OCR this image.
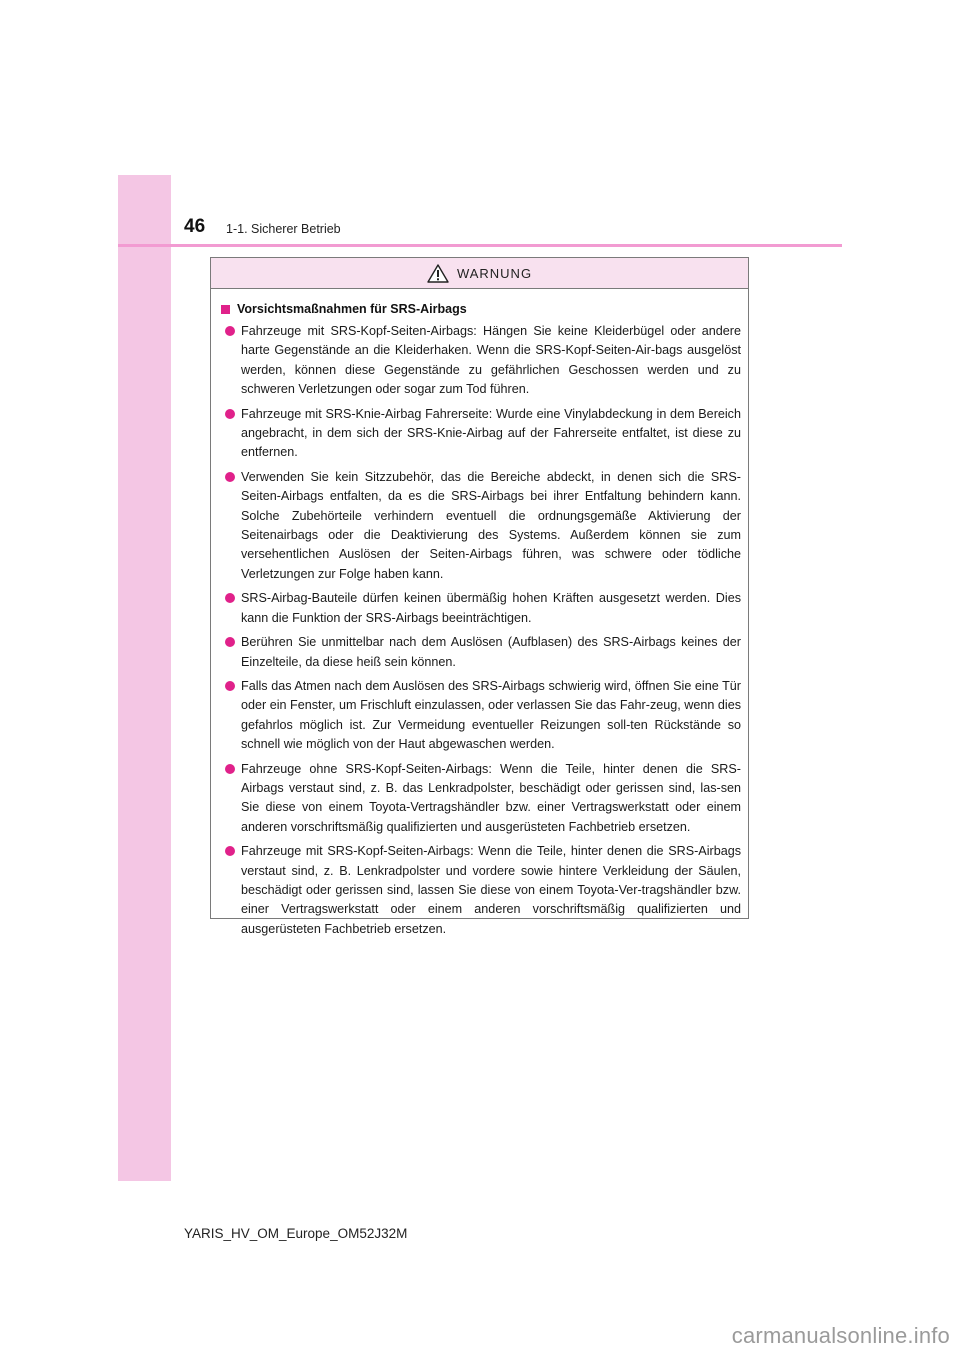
46 1-1. Sicherer Betrieb
WARNUNG
Vorsichtsmaßnahmen für SRS-Airbags
Fahrzeuge mit SRS-Kopf-Seiten-Airbags: Hängen Sie keine Kleiderbügel oder andere harte Gegenstände an die Kleiderhaken. Wenn die SRS-Kopf-Seiten-Air-bags ausgelöst werden, können diese Gegenstände zu gefährlichen Geschossen werden und zu schweren Verletzungen oder sogar zum Tod führen.
Fahrzeuge mit SRS-Knie-Airbag Fahrerseite: Wurde eine Vinylabdeckung in dem Bereich angebracht, in dem sich der SRS-Knie-Airbag auf der Fahrerseite entfaltet, ist diese zu entfernen.
Verwenden Sie kein Sitzzubehör, das die Bereiche abdeckt, in denen sich die SRS-Seiten-Airbags entfalten, da es die SRS-Airbags bei ihrer Entfaltung behindern kann. Solche Zubehörteile verhindern eventuell die ordnungsgemäße Aktivierung der Seitenairbags oder die Deaktivierung des Systems. Außerdem können sie zum versehentlichen Auslösen der Seiten-Airbags führen, was schwere oder tödliche Verletzungen zur Folge haben kann.
SRS-Airbag-Bauteile dürfen keinen übermäßig hohen Kräften ausgesetzt werden. Dies kann die Funktion der SRS-Airbags beeinträchtigen.
Berühren Sie unmittelbar nach dem Auslösen (Aufblasen) des SRS-Airbags keines der Einzelteile, da diese heiß sein können.
Falls das Atmen nach dem Auslösen des SRS-Airbags schwierig wird, öffnen Sie eine Tür oder ein Fenster, um Frischluft einzulassen, oder verlassen Sie das Fahr-zeug, wenn dies gefahrlos möglich ist. Zur Vermeidung eventueller Reizungen soll-ten Rückstände so schnell wie möglich von der Haut abgewaschen werden.
Fahrzeuge ohne SRS-Kopf-Seiten-Airbags: Wenn die Teile, hinter denen die SRS-Airbags verstaut sind, z. B. das Lenkradpolster, beschädigt oder gerissen sind, las-sen Sie diese von einem Toyota-Vertragshändler bzw. einer Vertragswerkstatt oder einem anderen vorschriftsmäßig qualifizierten und ausgerüsteten Fachbetrieb ersetzen.
Fahrzeuge mit SRS-Kopf-Seiten-Airbags: Wenn die Teile, hinter denen die SRS-Airbags verstaut sind, z. B. Lenkradpolster und vordere sowie hintere Verkleidung der Säulen, beschädigt oder gerissen sind, lassen Sie diese von einem Toyota-Ver-tragshändler bzw. einer Vertragswerkstatt oder einem anderen vorschriftsmäßig qualifizierten und ausgerüsteten Fachbetrieb ersetzen.
YARIS_HV_OM_Europe_OM52J32M
carmanualsonline.info
